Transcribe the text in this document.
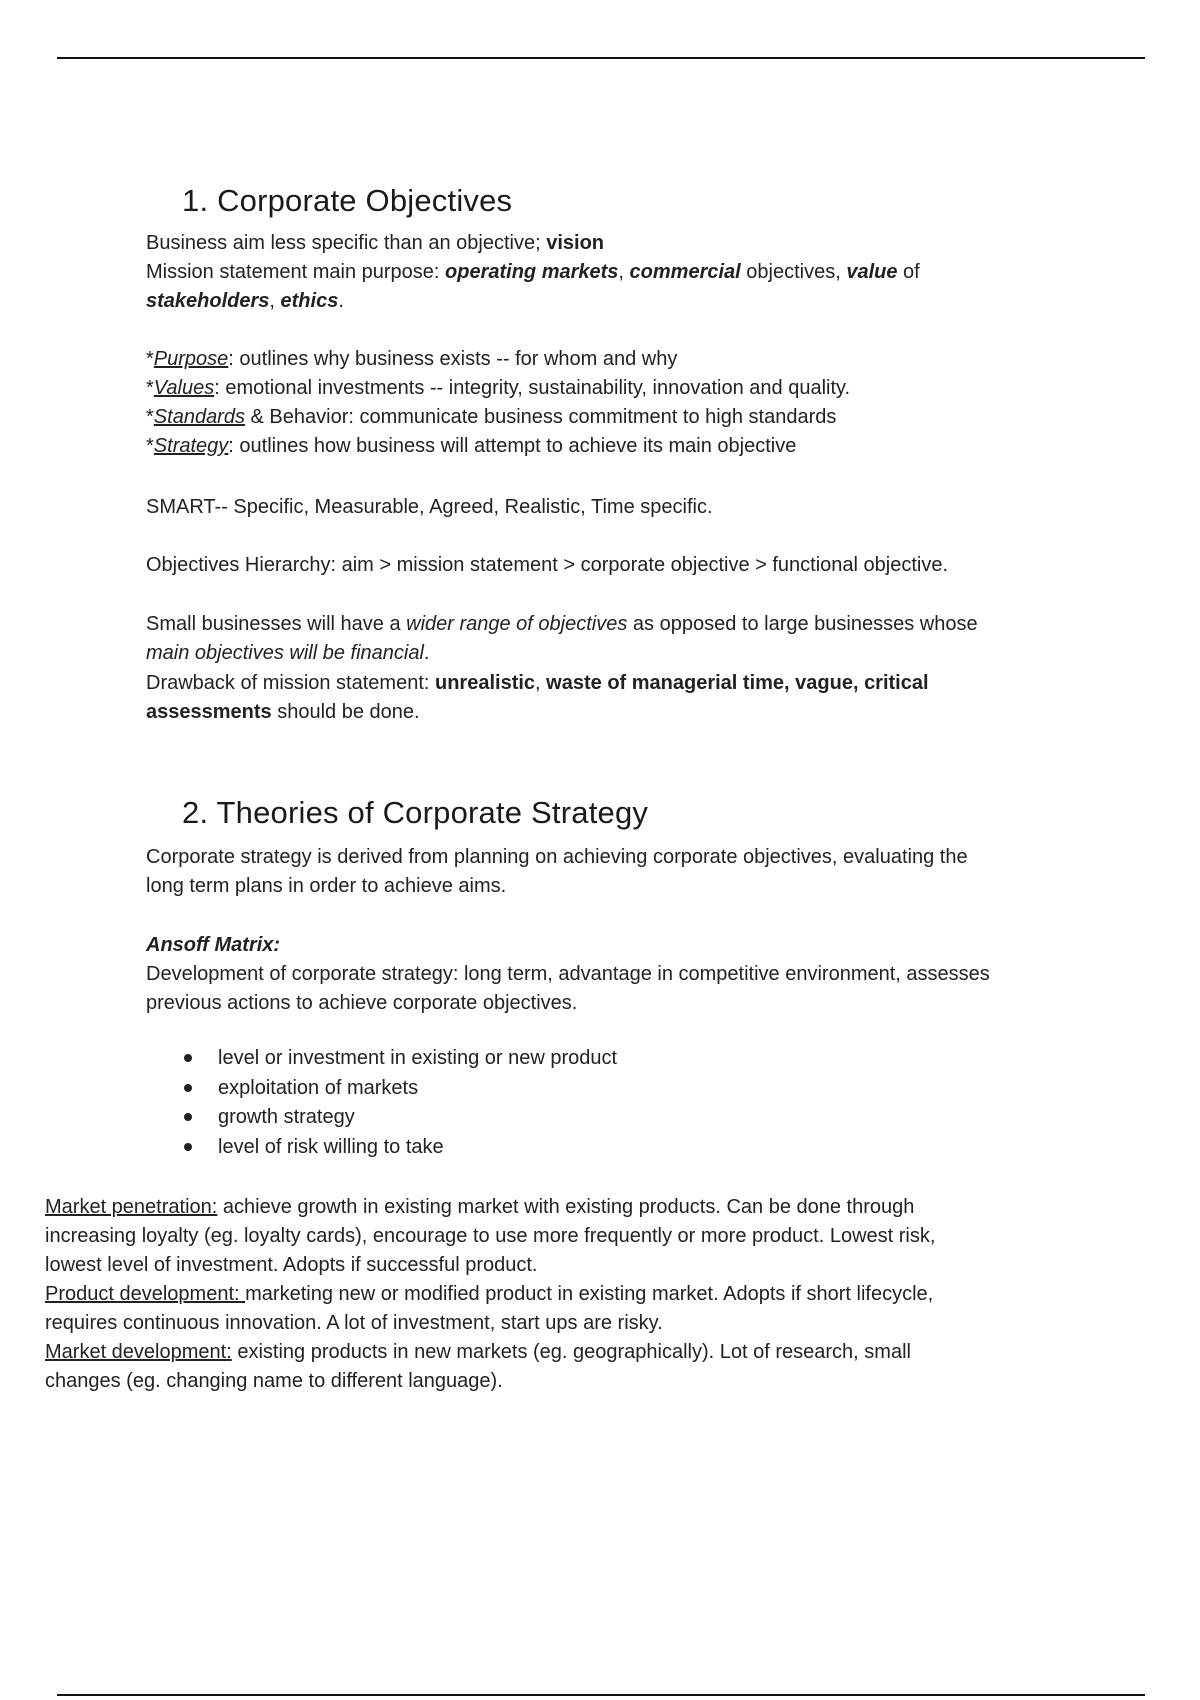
1. Corporate Objectives

Business aim less specific than an objective; vision

Mission statement main purpose: operating markets, commercial objectives, value of
stakeholders, ethics.

*Purpose: outlines why business exists -- for whom and why
*Values: emotional investments -- integrity, sustainability, innovation and quality.
*Standards & Behavior: communicate business commitment to high standards
*Strategy: outlines how business will attempt to achieve its main objective

SMART-- Specific, Measurable, Agreed, Realistic, Time specific.

Objectives Hierarchy: aim > mission statement > corporate objective > functional objective.

Small businesses will have a wider range of objectives as opposed to large businesses whose
main objectives will be financial.

Drawback of mission statement: unrealistic, waste of managerial time, vague, critical
assessments should be done.

2. Theories of Corporate Strategy

Corporate strategy is derived from planning on achieving corporate objectives, evaluating the
long term plans in order to achieve aims.

Ansoff Matrix:

Development of corporate strategy: long term, advantage in competitive environment, assesses
previous actions to achieve corporate objectives.

level or investment in existing or new product
exploitation of markets
growth strategy
level of risk willing to take

Market penetration: achieve growth in existing market with existing products. Can be done through
increasing loyalty (eg. loyalty cards), encourage to use more frequently or more product. Lowest risk,
lowest level of investment. Adopts if successful product.
Product development: marketing new or modified product in existing market. Adopts if short lifecycle,
requires continuous innovation. A lot of investment, start ups are risky.
Market development: existing products in new markets (eg. geographically). Lot of research, small
changes (eg. changing name to different language).
